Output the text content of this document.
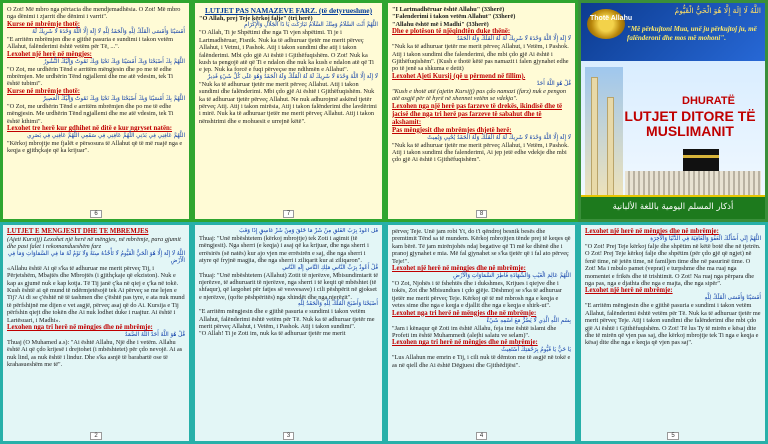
O Zot! Më mbro nga përtacia dhe mendjemadhësia. O Zot! Më mbro nga dënimi i zjarrit dhe dënimi i varrit".
Kurse në mbrëmje thotë:
أَمْسَيْنَا وَأَمْسَى الْمُلْكُ لِلَّهِ وَالْحَمْدُ لِلَّهِ لَا إِلَهَ إِلَّا اللَّهُ وَحْدَهُ لَا شَرِيكَ لَهُ
"E arritëm mbrëmjen dhe e gjithë pasuria e sundimi i takon vetëm Allahut, falënderimi është vetëm për Të, ...".
Lexohet një herë në mëngjes:
اللَّهُمَّ بِكَ أَصْبَحْنَا وَبِكَ أَمْسَيْنَا وَبِكَ نَحْيَا وَبِكَ نَمُوتُ وَإِلَيْكَ النُّشُورُ
"O Zot, me urdhërin Tënd e arritëm mëngjesin dhe po me të edhe mbrëmjen. Me urdhërin Tënd ngjallemi dhe me atë vdesim, tek Ti është tubimi".
Kurse në mbrëmje thotë:
اللَّهُمَّ بِكَ أَمْسَيْنَا وَبِكَ أَصْبَحْنَا وَبِكَ نَحْيَا وَبِكَ نَمُوتُ وَإِلَيْكَ الْمَصِيرُ
"O Zot, me urdhërin Tënd e arritëm mbrëmjen dhe po me të edhe mëngjesin. Me urdhërin Tënd ngjallemi dhe me atë vdesim, tek Ti është kthimi".
Lexohet tre herë kur gdhihet në ditë e kur ngryset natën:
اللَّهُمَّ عَافِنِي فِي بَدَنِي اللَّهُمَّ عَافِنِي فِي سَمْعِي اللَّهُمَّ عَافِنِي فِي بَصَرِي
"Kërkoj mbrojtje me fjalët e përsosura të Allahut që të më ruajë nga e keqja e gjithçkaje që ka krijuar".
6
LUTJET PAS NAMAZEVE FARZ. (të detyrueshme)
"O Allah, prej Teje kërkoj falje" (tri herë)
اللَّهُمَّ أَنْتَ السَّلَامُ وَمِنْكَ السَّلَامُ تَبَارَكْتَ يَا ذَا الْجَلَالِ وَالْإِكْرَامِ
"O Allah, Ti je Shpëtimi dhe nga Ti vjen shpëtimi. Ti je i Lartmadhëruar, Fisnik. Nuk ka të adhuruar tjetër me merit përveç Allahut, i Vetmi, i Pashok. Atij i takon sundimi dhe atij i takon falënderimi. Mbi çdo gjë Ai është i Gjithëfuqishëm. O Zot! Nuk ka kush ta pengojë atë që Ti e ndalon dhe nuk ka kush e ndalon atë që Ti e jep. Nuk ka forcë e fuqi përveçse me ndihmën e Allahut".
لَا إِلَهَ إِلَّا اللَّهُ وَحْدَهُ لَا شَرِيكَ لَهُ لَهُ الْمُلْكُ وَلَهُ الْحَمْدُ وَهُوَ عَلَى كُلِّ شَيْءٍ قَدِيرٌ
"Nuk ka të adhuruar tjetër me merit përveç Allahut. Atij i takon sundimi dhe falënderimi. Mbi çdo gjë Ai është i Gjithëfuqishëm. Nuk ka të adhuruar tjetër përveç Allahut. Ne nuk adhurojmë askënd tjetër përveç Atij. Atij i takon mirësia, Atij i takon falënderimi dhe lavdërimi i mirë. Nuk ka të adhuruar tjetër me merit përveç Allahut. Atij i takon nënshtrimi dhe e mohuesit e urrejnë këtë".
7
"I Lartmadhëruar është Allahu" (33herë)
"Falenderimi i takon vetëm Allahut" (33herë)
"Allahu është më i Madhi" (33herë)
Dhe e plotëson të njëqindtën duke thënë:
لَا إِلَهَ إِلَّا اللَّهُ وَحْدَهُ لَا شَرِيكَ لَهُ لَهُ الْمُلْكُ وَلَهُ الْحَمْدُ
"Nuk ka të adhuruar tjetër me merit përveç Allahut, i Vetëm, i Pashok. Atij i takon sundimi dhe falenderimi, dhe mbi çdo gjë Ai është i Gjithëfuqishëm". (Kush e thotë këtë pas namazit i falen gjynahet edhe po të jenë sa shkuma e detit)
Lexohet Ajeti Kursij (që u përmend në fillim).
قُلْ هُوَ اللَّهُ أَحَدٌ
"Kush e thotë atë (ajetin Kursijj) pas çdo namazi (farz) nuk e pengon atë asgjë për të hyrë në xhennet vetëm se vdekja".
Lexohen nga një herë pas farzeve të drekës, ikindisë dhe të jacisë dhe nga tri herë pas farzeve të sabahut dhe të akshamit:
Pas mëngjesit dhe mbrëmjes dhjetë herë:
لَا إِلَهَ إِلَّا اللَّهُ وَحْدَهُ لَا شَرِيكَ لَهُ لَهُ الْمُلْكُ وَلَهُ الْحَمْدُ يُحْيِي وَيُمِيتُ
"Nuk ka të adhuruar tjetër me merit përveç Allahut, i Vetëm, i Pashok. Atij i takon sundimi dhe falenderimi, Ai jep jetë edhe vdekje dhe mbi çdo gjë Ai është i Gjithëfuqishëm".
8
Thotë Allahu
اللَّهُ لَا إِلَهَ إِلَّا هُوَ الْحَيُّ الْقَيُّومُ
"Më përkujtoni Mua, unë ju përkujtoj ju, më falënderoni dhe mos më mohoni".
DHURATË
LUTJET DITORE TË MUSLIMANIT
أذكار المسلم اليومية باللغة الألبانية
LUTJET E MËNGJESIT DHE TË MBRËMJES
(Ajeti Kursijj) Lexohet një herë në mëngjes, në mbrëmje, para gjumit dhe pasi falet i rekomandueshëm farz
اللَّهُ لَا إِلَهَ إِلَّا هُوَ الْحَيُّ الْقَيُّومُ لَا تَأْخُذُهُ سِنَةٌ وَلَا نَوْمٌ لَهُ مَا فِي السَّمَاوَاتِ وَمَا فِي الْأَرْضِ
«Allahu është Ai që s'ka të adhuruar me merit përveç Tij, i Përjetshëm, Mbajtës dhe Mbrojtës (i gjithçkaje që ekziston). Nuk e kap as gjumë nuk e kap kotja. Të Tij janë ç'ka në qiej e ç'ka në tokë. Kush është ai që mund të ndërmjetësojë tek Ai përveç se me lejen e Tij? Ai di se ç'është në të tashmen dhe ç'është pas tyre, e ata nuk mund të përfshijnë me dijen e vet asgjë, përveç asaj që do Ai. Kursija e Tij përfshin qiejt dhe tokën dhe Ai nuk lodhet duke i ruajtur. Ai është i Lartësuari, i Madhi».
Lexohen nga tri herë në mëngjes dhe në mbrëmje:
قُلْ هُوَ اللَّهُ أَحَدٌ اللَّهُ الصَّمَدُ
Thuaj (O Muhamed a.s): "Ai është Allahu, Një dhe i vetëm. Allahu është Ai që çdo krijesë i drejtohet (i mbështetet) për çdo nevojë. Ai as nuk lind, as nuk është i lindur. Dhe s'ka asnjë të barabartë ose të krahasueshëm me të".
2
قُلْ أَعُوذُ بِرَبِّ الْفَلَقِ مِنْ شَرِّ مَا خَلَقَ وَمِنْ شَرِّ غَاسِقٍ إِذَا وَقَبَ
Thuaj: "Unë mbështetem (kërkoj mbrojtje) tek Zoti i agimit (të mëngjesit). Nga sherri (e keqja) i asaj që ka krijuar, dhe nga sherri i errësirës (së natës) kur ajo vjen me errësirën e saj, dhe nga sherri i atyre që fryjnë magjia, dhe nga sherri i ziliqarit kur ai ziliqaron".
قُلْ أَعُوذُ بِرَبِّ النَّاسِ مَلِكِ النَّاسِ إِلَهِ النَّاسِ
Thuaj: "Unë mbështetem (Allahut) Zotit të njerëzve, Mbisundimtarit të njerëzve, të adhuruarit të njerëzve, nga sherri i të keqit që mbështet (të shfaqur), që largohet për fatjes së vesvesave) i cili pëshpërit në gjokset e njerëzve, (qofte pëshpëritës) nga xhindët dhe nga njerëzit".
أَصْبَحْنَا وَأَصْبَحَ الْمُلْكُ لِلَّهِ وَالْحَمْدُ لِلَّهِ
"E arritëm mëngjesin dhe e gjithë pasuria e sundimi i takon vetëm Allahut, falënderimi është vetëm për Të. Nuk ka të adhuruar tjetër me merit përveç Allahut, i Vetëm, i Pashok. Atij i takon sundimi".
"O Allah! Ti je Zoti im, nuk ka të adhuruar tjetër me merit
3
përveç Teje. Unë jam robi Yt, do t'i qëndroj besnik besës dhe premtimit Tënd sa të mundem. Kërkoj mbrojtjen tënde prej të keqes që kam bërë. Të jam mirënjohës ndaj begative që Ti më ke dhënë dhe i pranoj gjynahet e mia. Më fal gjynahet se s'ka tjetër që i fal ato përveç Teje!".
Lexohet një herë në mëngjes dhe në mbrëmje:
اللَّهُمَّ عَالِمَ الْغَيْبِ وَالشَّهَادَةِ فَاطِرَ السَّمَاوَاتِ وَالْأَرْضِ
"O Zot, Njohës i të fshehtës dhe i dukshmes, Krijues i qiejve dhe i tokës, Zot dhe Mbisundues i çdo gjëje. Dëshmoj se s'ka të adhuruar tjetër me merit përveç Teje. Kërkoj që të më mbrosh nga e keqja e vetes sime dhe nga e keqja e djallit dhe nga e keqja e shirk-ut".
Lexohet nga tri herë në mëngjes dhe në mbrëmje:
بِسْمِ اللَّهِ الَّذِي لَا يَضُرُّ مَعَ اسْمِهِ شَيْءٌ
"Jam i kënaqur që Zoti im është Allahu, feja ime është islami dhe Profeti im është Muhammedi (alejhi salatu ve selam)".
Lexohen nga tri herë në mëngjes dhe në mbrëmje:
يَا حَيُّ يَا قَيُّومُ بِرَحْمَتِكَ أَسْتَغِيثُ
"Lus Allahun me emrin e Tij, i cili nuk të dëmton me të asgjë në tokë e as në qiell dhe Ai është Dëgjuesi dhe Gjithëdijësi".
4
Lexohet një herë në mëngjes dhe në mbrëmje:
اللَّهُمَّ إِنِّي أَسْأَلُكَ الْعَفْوَ وَالْعَافِيَةَ فِي الدُّنْيَا وَالْآخِرَةِ
"O Zot! Prej Teje kërkoj falje dhe shpëtim në këtë botë dhe në tjetrën. O Zot! Prej Teje kërkoj falje dhe shpëtim (për çdo gjë që ngjet) në fenë time, në jetën time, në familjen time dhe në pasurinë time. O Zot! Ma i mbulo pamet (veprat) e turpshme dhe ma ruaj nga momentet e frikës dhe të trishtimit. O Zot! Na ruaj nga përpara dhe nga pas, nga e djathta dhe nga e majta, dhe nga sipër".
Lexohet një herë në mbrëmje:
أَمْسَيْنَا وَأَمْسَى الْمُلْكُ لِلَّهِ
"E arritëm mëngjesin dhe e gjithë pasuria e sundimi i takon vetëm Allahut, falënderimi është vetëm për Të. Nuk ka të adhuruar tjetër me merit përveç Teje. Atij i takon sundimi dhe falënderimi dhe mbi çdo gjë Ai është i Gjithëfuqishëm. O Zot! Të lus Ty të mirën e kësaj dite dhe të mirën që vjen pas saj, dhe kërkoj mbrojtje tek Ti nga e keqja e kësaj dite dhe nga e keqja që vjen pas saj".
5
